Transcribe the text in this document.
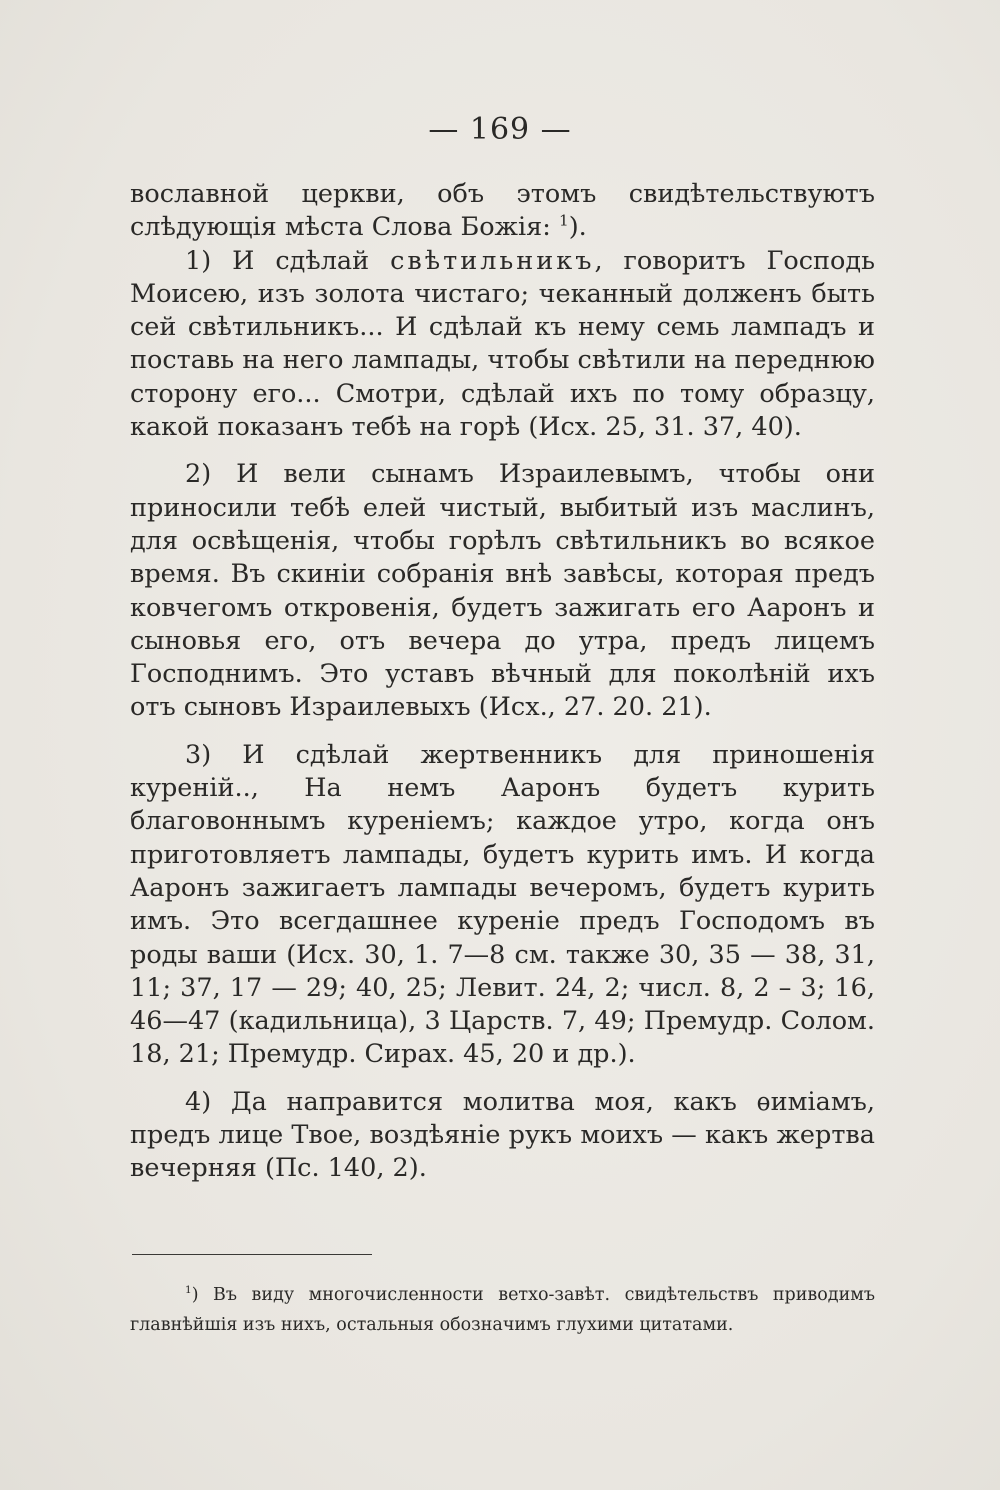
— 169 —

вославной церкви, объ этомъ свидѣтельствуютъ слѣдующія мѣста Слова Божія: $^1$).

1) И сдѣлай свѣтильникъ, говоритъ Господь Моисею, изъ золота чистаго; чеканный долженъ быть сей свѣтильникъ... И сдѣлай къ нему семь лампадъ и поставь на него лампады, чтобы свѣтили на переднюю сторону его... Смотри, сдѣлай ихъ по тому образцу, какой показанъ тебѣ на горѣ (Исх. 25, 31. 37, 40).

2) И вели сынамъ Израилевымъ, чтобы они приносили тебѣ елей чистый, выбитый изъ маслинъ, для освѣщенія, чтобы горѣлъ свѣтильникъ во всякое время. Въ скиніи собранія внѣ завѣсы, которая предъ ковчегомъ откровенія, будетъ зажигать его Ааронъ и сыновья его, отъ вечера до утра, предъ лицемъ Господнимъ. Это уставъ вѣчный для поколѣній ихъ отъ сыновъ Израилевыхъ (Исх., 27. 20. 21).

3) И сдѣлай жертвенникъ для приношенія куреній.., На немъ Ааронъ будетъ курить благовоннымъ куреніемъ; каждое утро, когда онъ приготовляетъ лампады, будетъ курить имъ. И когда Ааронъ зажигаетъ лампады вечеромъ, будетъ курить имъ. Это всегдашнее куреніе предъ Господомъ въ роды ваши (Исх. 30, 1. 7—8 см. также 30, 35 — 38, 31, 11; 37, 17 — 29; 40, 25; Левит. 24, 2; числ. 8, 2 – 3; 16, 46—47 (кадильница), 3 Царств. 7, 49; Премудр. Солом. 18, 21; Премудр. Сирах. 45, 20 и др.).

4) Да направится молитва моя, какъ ѳиміамъ, предъ лице Твое, воздѣяніе рукъ моихъ — какъ жертва вечерняя (Пс. 140, 2).

$^1$) Въ виду многочисленности ветхо-завѣт. свидѣтельствъ приводимъ главнѣйшія изъ нихъ, остальныя обозначимъ глухими цитатами.
